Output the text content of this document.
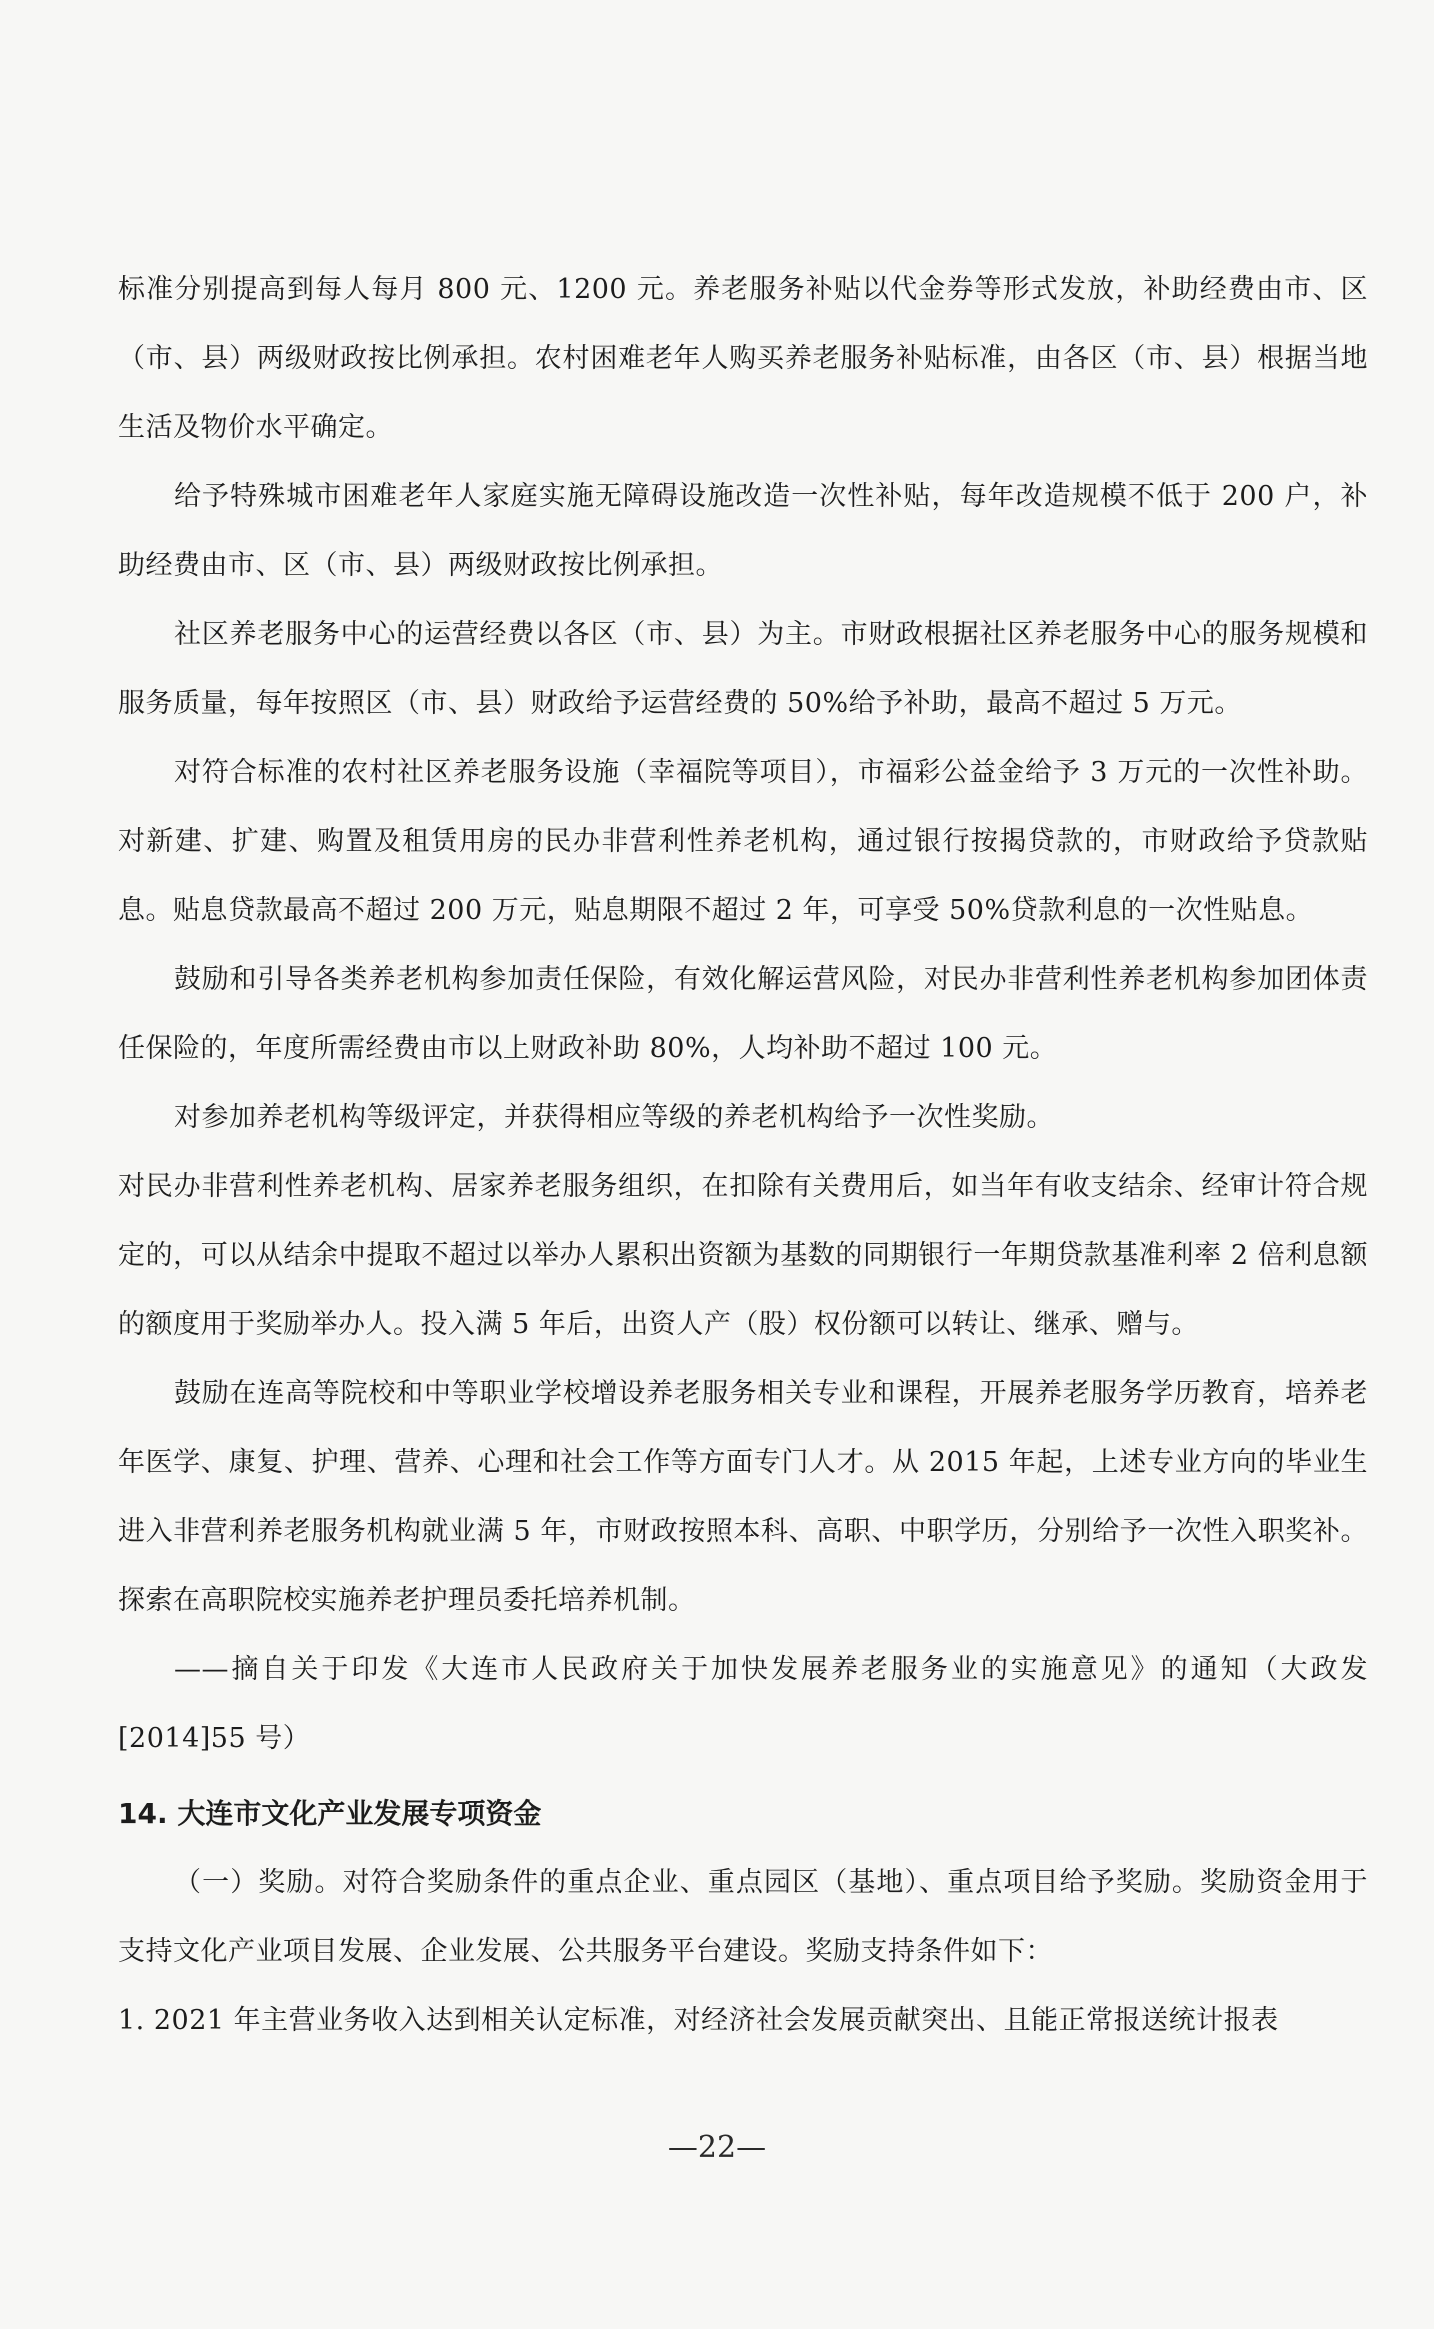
标准分别提高到每人每月 800 元、1200 元。养老服务补贴以代金券等形式发放，补助经费由市、区（市、县）两级财政按比例承担。农村困难老年人购买养老服务补贴标准，由各区（市、县）根据当地生活及物价水平确定。

给予特殊城市困难老年人家庭实施无障碍设施改造一次性补贴，每年改造规模不低于 200 户，补助经费由市、区（市、县）两级财政按比例承担。

社区养老服务中心的运营经费以各区（市、县）为主。市财政根据社区养老服务中心的服务规模和服务质量，每年按照区（市、县）财政给予运营经费的 50%给予补助，最高不超过 5 万元。

对符合标准的农村社区养老服务设施（幸福院等项目），市福彩公益金给予 3 万元的一次性补助。对新建、扩建、购置及租赁用房的民办非营利性养老机构，通过银行按揭贷款的，市财政给予贷款贴息。贴息贷款最高不超过 200 万元，贴息期限不超过 2 年，可享受 50%贷款利息的一次性贴息。

鼓励和引导各类养老机构参加责任保险，有效化解运营风险，对民办非营利性养老机构参加团体责任保险的，年度所需经费由市以上财政补助 80%，人均补助不超过 100 元。

对参加养老机构等级评定，并获得相应等级的养老机构给予一次性奖励。

对民办非营利性养老机构、居家养老服务组织，在扣除有关费用后，如当年有收支结余、经审计符合规定的，可以从结余中提取不超过以举办人累积出资额为基数的同期银行一年期贷款基准利率 2 倍利息额的额度用于奖励举办人。投入满 5 年后，出资人产（股）权份额可以转让、继承、赠与。

鼓励在连高等院校和中等职业学校增设养老服务相关专业和课程，开展养老服务学历教育，培养老年医学、康复、护理、营养、心理和社会工作等方面专门人才。从 2015 年起，上述专业方向的毕业生进入非营利养老服务机构就业满 5 年，市财政按照本科、高职、中职学历，分别给予一次性入职奖补。探索在高职院校实施养老护理员委托培养机制。

——摘自关于印发《大连市人民政府关于加快发展养老服务业的实施意见》的通知（大政发[2014]55 号）

14. 大连市文化产业发展专项资金

（一）奖励。对符合奖励条件的重点企业、重点园区（基地）、重点项目给予奖励。奖励资金用于支持文化产业项目发展、企业发展、公共服务平台建设。奖励支持条件如下：

1. 2021 年主营业务收入达到相关认定标准，对经济社会发展贡献突出、且能正常报送统计报表

—22—
